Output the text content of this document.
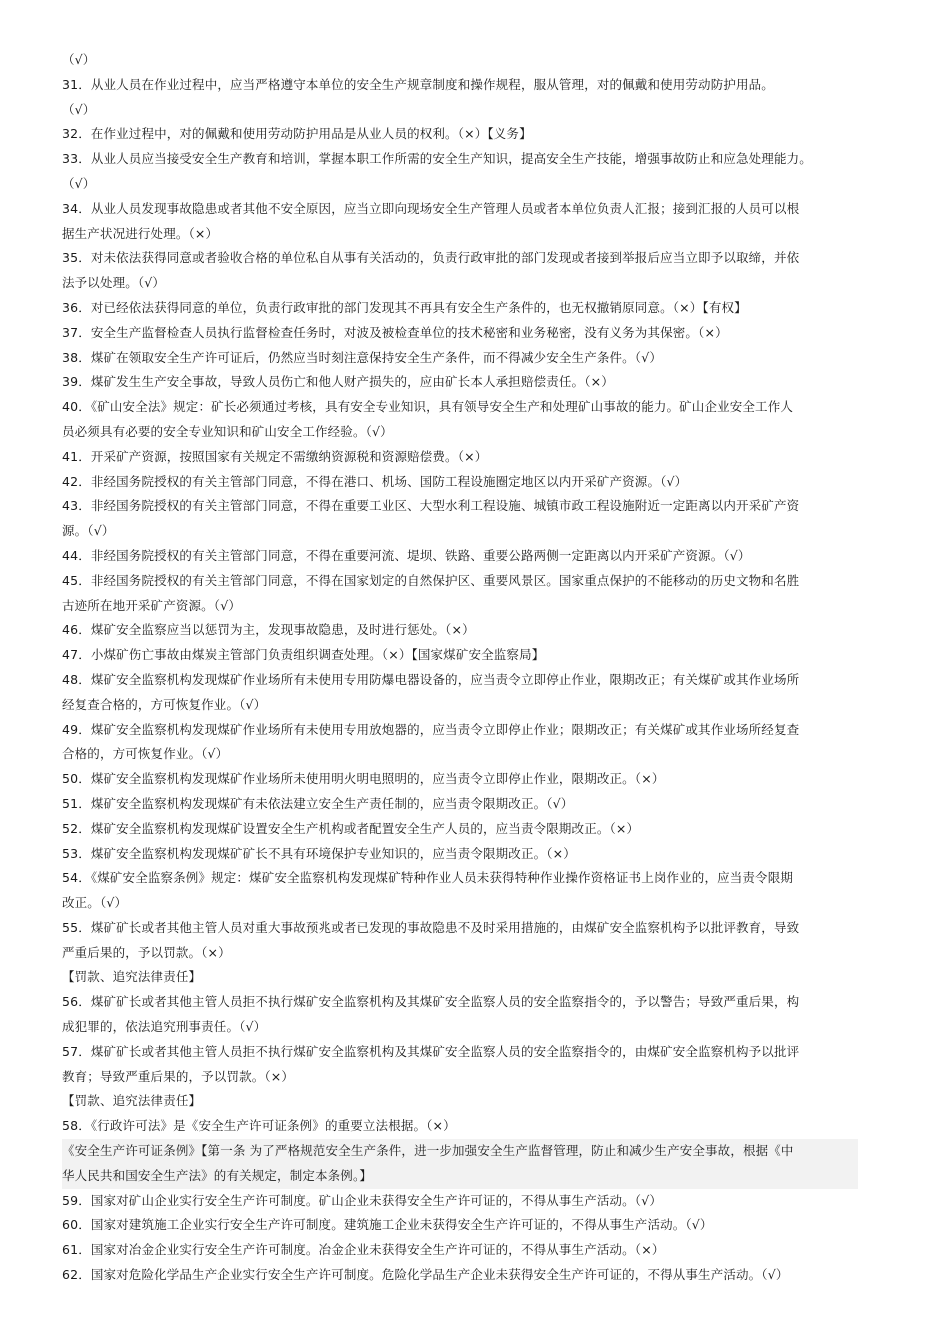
（√）
31．从业人员在作业过程中，应当严格遵守本单位的安全生产规章制度和操作规程，服从管理，对的佩戴和使用劳动防护用品。
（√）
32．在作业过程中，对的佩戴和使用劳动防护用品是从业人员的权利。（×）【义务】
33．从业人员应当接受安全生产教育和培训，掌握本职工作所需的安全生产知识，提高安全生产技能，增强事故防止和应急处理能力。
（√）
34．从业人员发现事故隐患或者其他不安全原因，应当立即向现场安全生产管理人员或者本单位负责人汇报；接到汇报的人员可以根
据生产状况进行处理。（×）
35．对未依法获得同意或者验收合格的单位私自从事有关活动的，负责行政审批的部门发现或者接到举报后应当立即予以取缔，并依
法予以处理。（√）
36．对已经依法获得同意的单位，负责行政审批的部门发现其不再具有安全生产条件的，也无权撤销原同意。（×）【有权】
37．安全生产监督检查人员执行监督检查任务时，对波及被检查单位的技术秘密和业务秘密，没有义务为其保密。（×）
38．煤矿在领取安全生产许可证后，仍然应当时刻注意保持安全生产条件，而不得减少安全生产条件。（√）
39．煤矿发生生产安全事故，导致人员伤亡和他人财产损失的，应由矿长本人承担赔偿责任。（×）
40．《矿山安全法》规定：矿长必须通过考核，具有安全专业知识，具有领导安全生产和处理矿山事故的能力。矿山企业安全工作人
员必须具有必要的安全专业知识和矿山安全工作经验。（√）
41．开采矿产资源，按照国家有关规定不需缴纳资源税和资源赔偿费。（×）
42．非经国务院授权的有关主管部门同意，不得在港口、机场、国防工程设施圈定地区以内开采矿产资源。（√）
43．非经国务院授权的有关主管部门同意，不得在重要工业区、大型水利工程设施、城镇市政工程设施附近一定距离以内开采矿产资
源。（√）
44．非经国务院授权的有关主管部门同意，不得在重要河流、堤坝、铁路、重要公路两侧一定距离以内开采矿产资源。（√）
45．非经国务院授权的有关主管部门同意，不得在国家划定的自然保护区、重要风景区。国家重点保护的不能移动的历史文物和名胜
古迹所在地开采矿产资源。（√）
46．煤矿安全监察应当以惩罚为主，发现事故隐患，及时进行惩处。（×）
47．小煤矿伤亡事故由煤炭主管部门负责组织调查处理。（×）【国家煤矿安全监察局】
48．煤矿安全监察机构发现煤矿作业场所有未使用专用防爆电器设备的，应当责令立即停止作业，限期改正；有关煤矿或其作业场所
经复查合格的，方可恢复作业。（√）
49．煤矿安全监察机构发现煤矿作业场所有未使用专用放炮器的，应当责令立即停止作业；限期改正；有关煤矿或其作业场所经复查
合格的，方可恢复作业。（√）
50．煤矿安全监察机构发现煤矿作业场所未使用明火明电照明的，应当责令立即停止作业，限期改正。（×）
51．煤矿安全监察机构发现煤矿有未依法建立安全生产责任制的，应当责令限期改正。（√）
52．煤矿安全监察机构发现煤矿设置安全生产机构或者配置安全生产人员的，应当责令限期改正。（×）
53．煤矿安全监察机构发现煤矿矿长不具有环境保护专业知识的，应当责令限期改正。（×）
54．《煤矿安全监察条例》规定：煤矿安全监察机构发现煤矿特种作业人员未获得特种作业操作资格证书上岗作业的，应当责令限期
改正。（√）
55．煤矿矿长或者其他主管人员对重大事故预兆或者已发现的事故隐患不及时采用措施的，由煤矿安全监察机构予以批评教育，导致
严重后果的，予以罚款。（×）
【罚款、追究法律责任】
56．煤矿矿长或者其他主管人员拒不执行煤矿安全监察机构及其煤矿安全监察人员的安全监察指令的，予以警告；导致严重后果，构
成犯罪的，依法追究刑事责任。（√）
57．煤矿矿长或者其他主管人员拒不执行煤矿安全监察机构及其煤矿安全监察人员的安全监察指令的，由煤矿安全监察机构予以批评
教育；导致严重后果的，予以罚款。（×）
【罚款、追究法律责任】
58．《行政许可法》是《安全生产许可证条例》的重要立法根据。（×）
《安全生产许可证条例》【第一条 为了严格规范安全生产条件，进一步加强安全生产监督管理，防止和减少生产安全事故，根据《中
华人民共和国安全生产法》的有关规定，制定本条例。】
59．国家对矿山企业实行安全生产许可制度。矿山企业未获得安全生产许可证的，不得从事生产活动。（√）
60．国家对建筑施工企业实行安全生产许可制度。建筑施工企业未获得安全生产许可证的，不得从事生产活动。（√）
61．国家对冶金企业实行安全生产许可制度。冶金企业未获得安全生产许可证的，不得从事生产活动。（×）
62．国家对危险化学品生产企业实行安全生产许可制度。危险化学品生产企业未获得安全生产许可证的，不得从事生产活动。（√）
